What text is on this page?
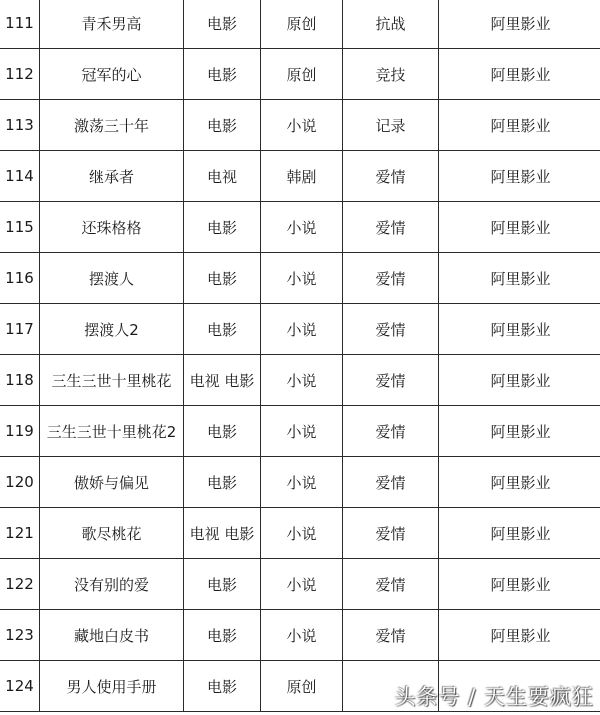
111	青禾男高	电影	原创	抗战	阿里影业
112	冠军的心	电影	原创	竞技	阿里影业
113	激荡三十年	电影	小说	记录	阿里影业
114	继承者	电视	韩剧	爱情	阿里影业
115	还珠格格	电影	小说	爱情	阿里影业
116	摆渡人	电影	小说	爱情	阿里影业
117	摆渡人2	电影	小说	爱情	阿里影业
118	三生三世十里桃花	电视 电影	小说	爱情	阿里影业
119	三生三世十里桃花2	电影	小说	爱情	阿里影业
120	傲娇与偏见	电影	小说	爱情	阿里影业
121	歌尽桃花	电视 电影	小说	爱情	阿里影业
122	没有别的爱	电影	小说	爱情	阿里影业
123	藏地白皮书	电影	小说	爱情	阿里影业
124	男人使用手册	电影	原创			头条号 / 天生要疯狂
